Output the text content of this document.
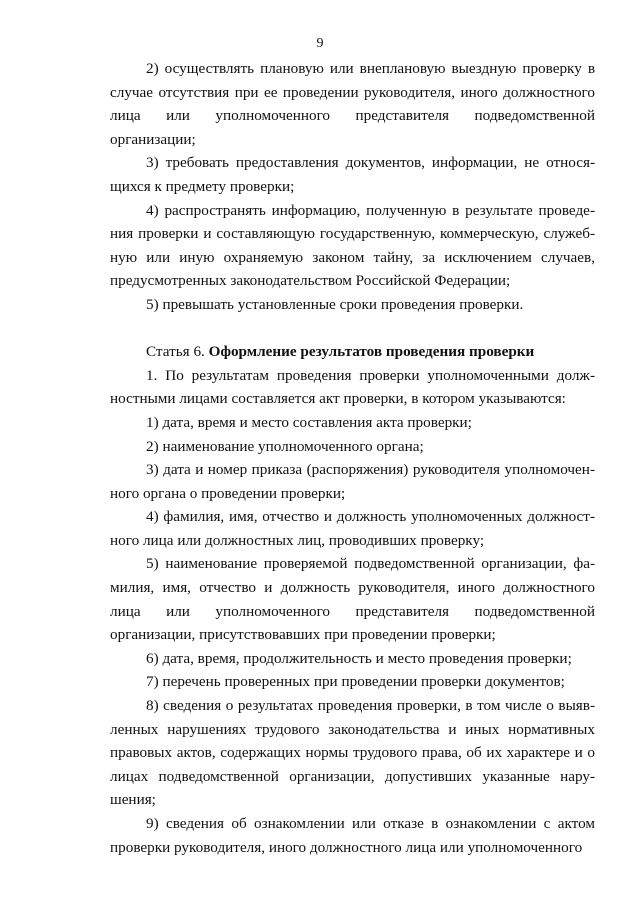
9

2) осуществлять плановую или внеплановую выездную проверку в случае отсутствия при ее проведении руководителя, иного должностного лица или уполномоченного представителя подведомственной организации;

3) требовать предоставления документов, информации, не относящихся к предмету проверки;

4) распространять информацию, полученную в результате проведения проверки и составляющую государственную, коммерческую, служебную или иную охраняемую законом тайну, за исключением случаев, предусмотренных законодательством Российской Федерации;

5) превышать установленные сроки проведения проверки.

Статья 6. Оформление результатов проведения проверки

1. По результатам проведения проверки уполномоченными должностными лицами составляется акт проверки, в котором указываются:

1) дата, время и место составления акта проверки;

2) наименование уполномоченного органа;

3) дата и номер приказа (распоряжения) руководителя уполномоченного органа о проведении проверки;

4) фамилия, имя, отчество и должность уполномоченных должностного лица или должностных лиц, проводивших проверку;

5) наименование проверяемой подведомственной организации, фамилия, имя, отчество и должность руководителя, иного должностного лица или уполномоченного представителя подведомственной организации, присутствовавших при проведении проверки;

6) дата, время, продолжительность и место проведения проверки;

7) перечень проверенных при проведении проверки документов;

8) сведения о результатах проведения проверки, в том числе о выявленных нарушениях трудового законодательства и иных нормативных правовых актов, содержащих нормы трудового права, об их характере и о лицах подведомственной организации, допустивших указанные нарушения;

9) сведения об ознакомлении или отказе в ознакомлении с актом проверки руководителя, иного должностного лица или уполномоченного
